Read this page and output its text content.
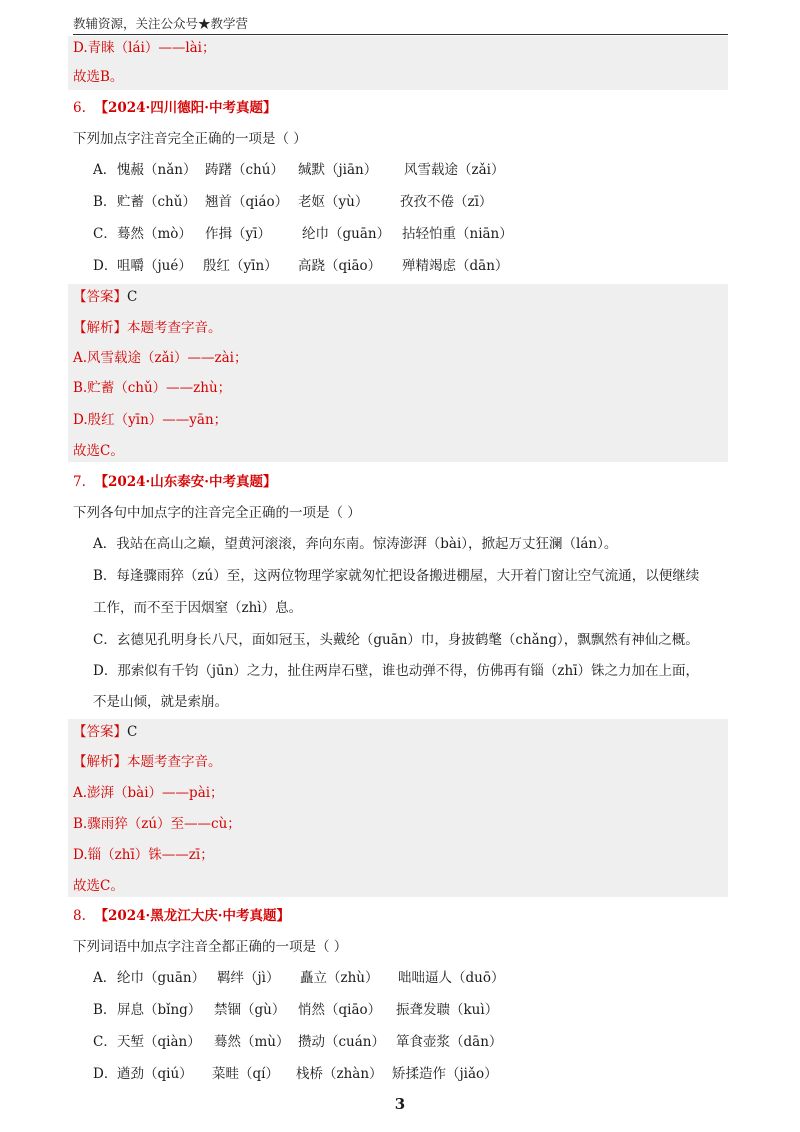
教辅资源，关注公众号★教学营
D.青睐（lái）——lài；
故选B。
6. 【2024·四川德阳·中考真题】
下列加点字注音完全正确的一项是（ ）
A． 愧赧（nǎn） 踌躇（chú） 缄默（jiān） 风雪载途（zǎi）
B． 贮蓄（chǔ） 翘首（qiáo） 老妪（yù） 孜孜不倦（zī）
C． 蓦然（mò） 作揖（yī） 纶巾（guān） 拈轻怕重（niān）
D． 咀嚼（jué） 殷红（yīn） 高跷（qiāo） 殚精竭虑（dān）
【答案】C
【解析】本题考查字音。
A.风雪载途（zǎi）——zài；
B.贮蓄（chǔ）——zhù；
D.殷红（yīn）——yān；
故选C。
7. 【2024·山东泰安·中考真题】
下列各句中加点字的注音完全正确的一项是（ ）
A．我站在高山之巅，望黄河滚滚，奔向东南。惊涛澎湃（bài），掀起万丈狂澜（lán）。
B．每逢骤雨猝（zú）至，这两位物理学家就匆忙把设备搬进棚屋，大开着门窗让空气流通，以便继续
工作，而不至于因烟窒（zhì）息。
C．玄德见孔明身长八尺，面如冠玉，头戴纶（guān）巾，身披鹤氅（chǎng），飘飘然有神仙之概。
D．那索似有千钧（jūn）之力，扯住两岸石壁，谁也动弹不得，仿佛再有锱（zhī）铢之力加在上面，
不是山倾，就是索崩。
【答案】C
【解析】本题考查字音。
A.澎湃（bài）——pài；
B.骤雨猝（zú）至——cù；
D.锱（zhī）铢——zī；
故选C。
8. 【2024·黑龙江大庆·中考真题】
下列词语中加点字注音全都正确的一项是（ ）
A． 纶巾（guān） 羁绊（jì） 矗立（zhù） 咄咄逼人（duō）
B． 屏息（bǐng） 禁锢（gù） 悄然（qiāo） 振聋发聩（kuì）
C． 天堑（qiàn） 蓦然（mù） 攒动（cuán） 箪食壶浆（dān）
D． 遒劲（qiú） 菜畦（qí） 栈桥（zhàn） 矫揉造作（jiǎo）
3
